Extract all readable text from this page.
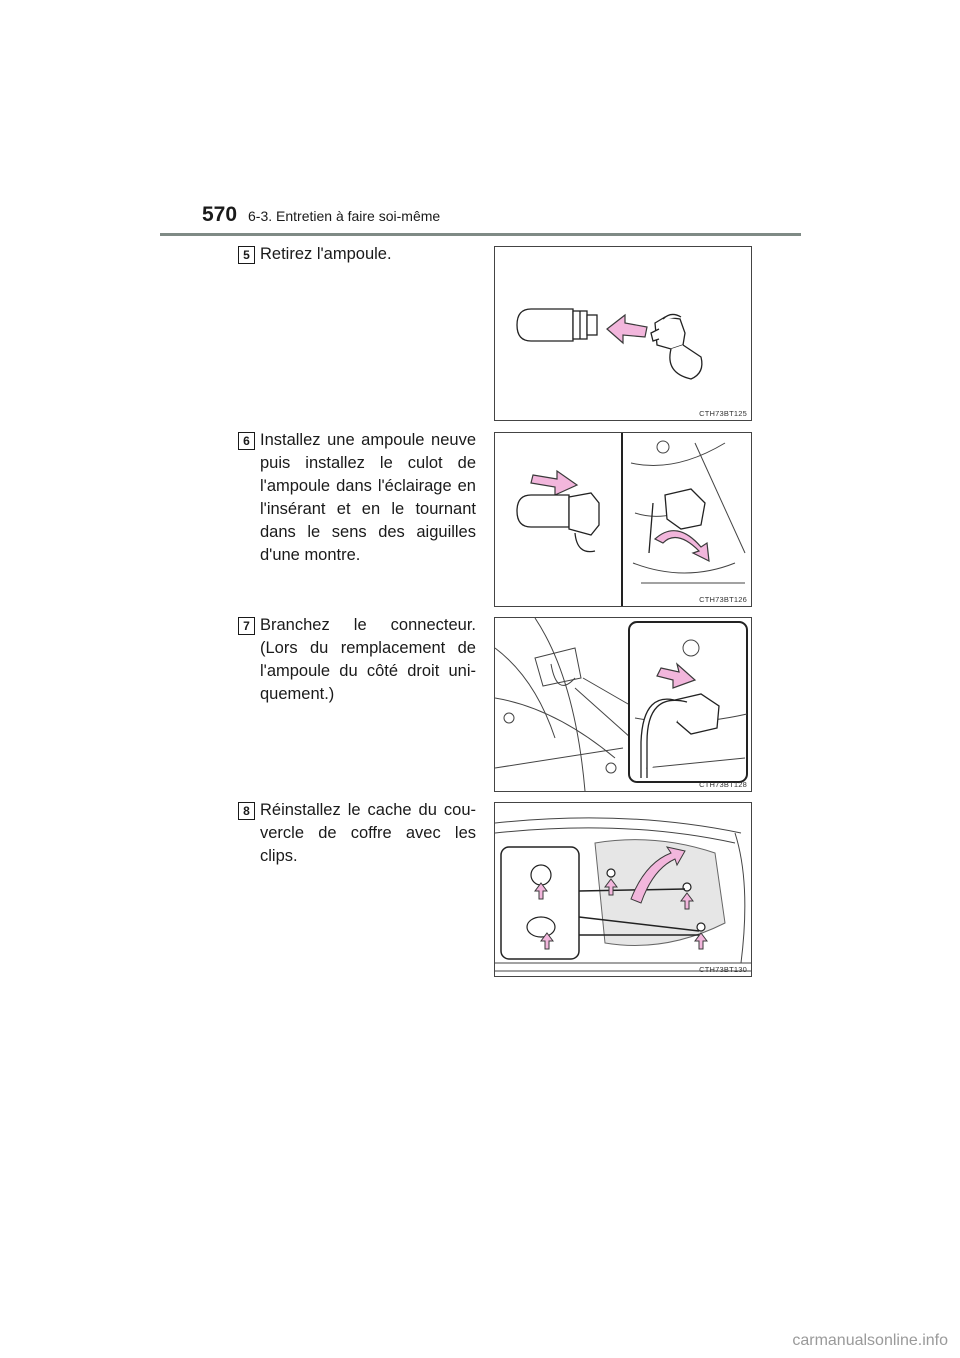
570 6-3. Entretien à faire soi-même
5 Retirez l'ampoule.
CTH73BT125
6 Installez une ampoule neuve puis installez le culot de l'ampoule dans l'éclairage en l'insérant et en le tournant dans le sens des aiguilles d'une montre.
CTH73BT126
7 Branchez le connecteur. (Lors du remplacement de l'ampoule du côté droit uni-quement.)
CTH73BT128
8 Réinstallez le cache du cou-vercle de coffre avec les clips.
CTH73BT130
carmanualsonline.info
